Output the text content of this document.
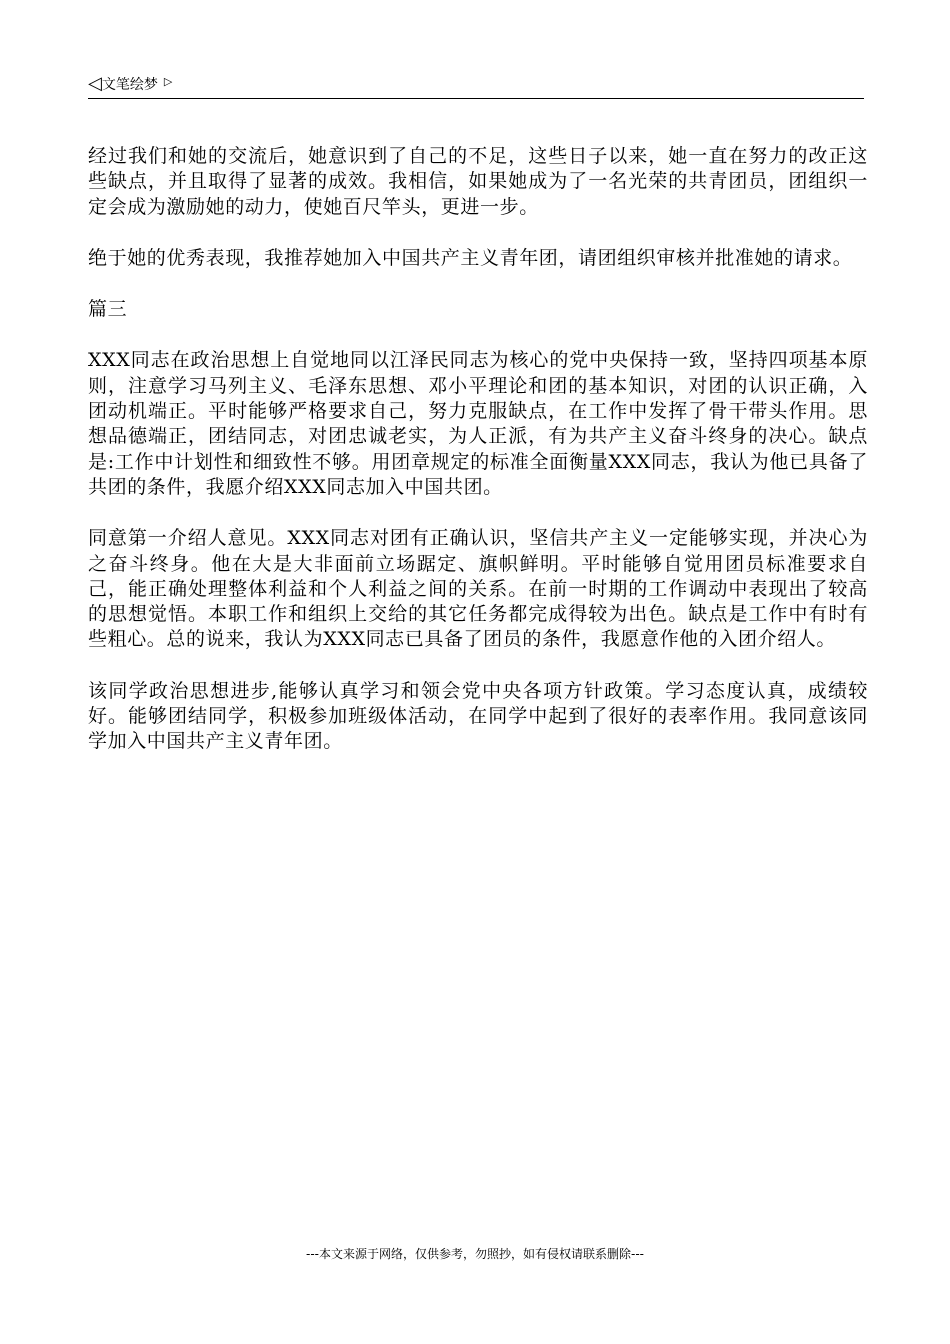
◁文笔绘梦 ▷

经过我们和她的交流后，她意识到了自己的不足，这些日子以来，她一直在努力的改正这些缺点，并且取得了显著的成效。我相信，如果她成为了一名光荣的共青团员，团组织一定会成为激励她的动力，使她百尺竿头，更进一步。

绝于她的优秀表现，我推荐她加入中国共产主义青年团，请团组织审核并批准她的请求。

篇三

XXX同志在政治思想上自觉地同以江泽民同志为核心的党中央保持一致，坚持四项基本原则，注意学习马列主义、毛泽东思想、邓小平理论和团的基本知识，对团的认识正确，入团动机端正。平时能够严格要求自己，努力克服缺点，在工作中发挥了骨干带头作用。思想品德端正，团结同志，对团忠诚老实，为人正派，有为共产主义奋斗终身的决心。缺点是:工作中计划性和细致性不够。用团章规定的标准全面衡量XXX同志，我认为他已具备了共团的条件，我愿介绍XXX同志加入中国共团。

同意第一介绍人意见。XXX同志对团有正确认识，坚信共产主义一定能够实现，并决心为之奋斗终身。他在大是大非面前立场踞定、旗帜鲜明。平时能够自觉用团员标准要求自己，能正确处理整体利益和个人利益之间的关系。在前一时期的工作调动中表现出了较高的思想觉悟。本职工作和组织上交给的其它任务都完成得较为出色。缺点是工作中有时有些粗心。总的说来，我认为XXX同志已具备了团员的条件，我愿意作他的入团介绍人。

该同学政治思想进步,能够认真学习和领会党中央各项方针政策。学习态度认真，成绩较好。能够团结同学，积极参加班级体活动，在同学中起到了很好的表率作用。我同意该同学加入中国共产主义青年团。

---本文来源于网络，仅供参考，勿照抄，如有侵权请联系删除---
